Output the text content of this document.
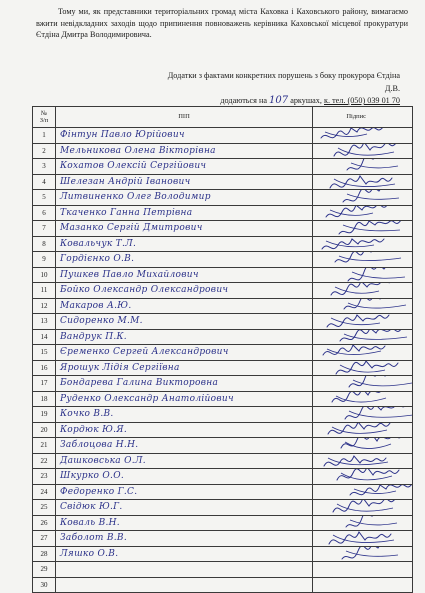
Тому ми, як представники територіальних громад міста Каховка і Каховського району, вимагаємо вжити невідкладних заходів щодо припинення повноважень керівника Каховської місцевої прокуратури Єтдіна Дмитра Володимировича.
Додатки з фактами конкретних порушень з боку прокурора Єтдіна Д.В.
додаються на 107 аркушах, к. тел. (050) 039 01 70
№
З/п	ПІП	Підпис
1	Фінтун Павло Юрійович	

2	Мельникова Олена Вікторівна	

3	Кохатов Олексій Сергійович	

4	Шелезан Андрій Іванович	

5	Литвиненко Олег Володимир	

6	Ткаченко Ганна Петрівна	

7	Мазанко Сергій Дмитрович	

8	Ковальчук Т.Л.	

9	Гордієнко О.В.	

10	Пушкев Павло Михайлович	

11	Бойко Олександр Олександрович	

12	Макаров А.Ю.	

13	Сидоренко М.М.	

14	Вандрук П.К.	

15	Єременко Сергей Александрович	

16	Ярошук Лідія Сергіївна	

17	Бондарева Галина Викторовна	

18	Руденко Олександр Анатолійович	

19	Кочко В.В.	

20	Кордюк Ю.Я.	

21	Заблоцова Н.Н.	

22	Дашковська О.Л.	

23	Шкурко О.О.	

24	Федоренко Г.С.	

25	Свідюк Ю.Г.	

26	Коваль В.Н.	

27	Заболот В.В.	

28	Ляшко О.В.	

29		
30		
